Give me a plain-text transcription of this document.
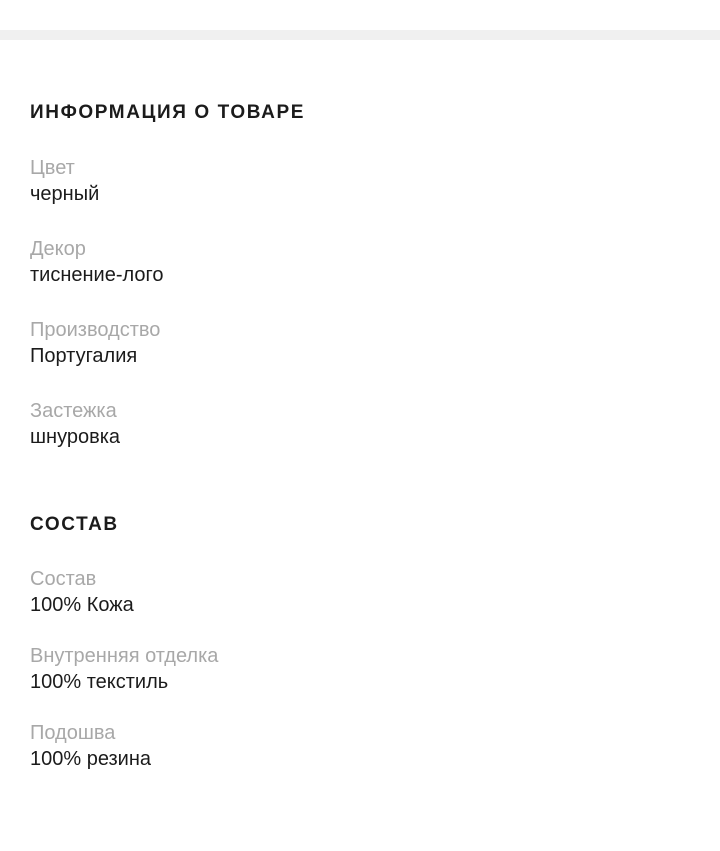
ИНФОРМАЦИЯ О ТОВАРЕ
Цвет
черный
Декор
тиснение-лого
Производство
Португалия
Застежка
шнуровка
СОСТАВ
Состав
100% Кожа
Внутренняя отделка
100% текстиль
Подошва
100% резина
